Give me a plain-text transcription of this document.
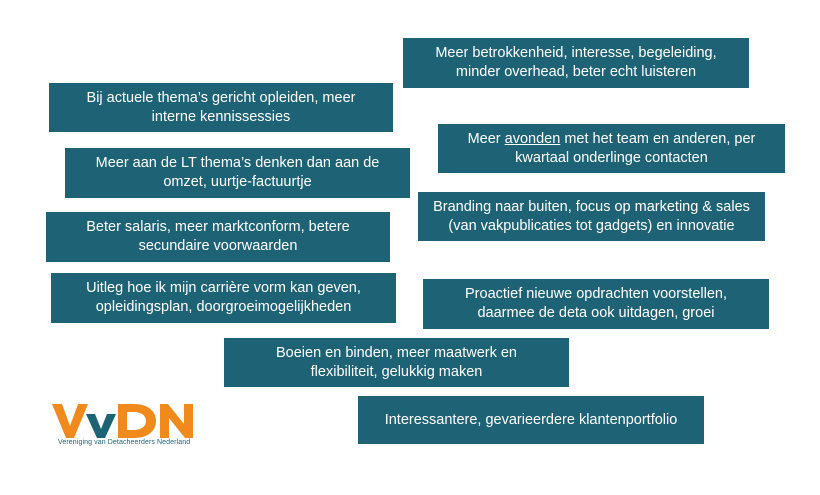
Meer betrokkenheid, interesse, begeleiding,
minder overhead, beter echt luisteren
Bij actuele thema’s gericht opleiden, meer
interne kennissessies
Meer avonden met het team en anderen, per
kwartaal onderlinge contacten
Meer aan de LT thema’s denken dan aan de
omzet, uurtje-factuurtje
Branding naar buiten, focus op marketing & sales
(van vakpublicaties tot gadgets) en innovatie
Beter salaris, meer marktconform, betere
secundaire voorwaarden
Uitleg hoe ik mijn carrière vorm kan geven,
opleidingsplan, doorgroeimogelijkheden
Proactief nieuwe opdrachten voorstellen,
daarmee de deta ook uitdagen, groei
Boeien en binden, meer maatwerk en
flexibiliteit, gelukkig maken
Interessantere, gevarieerdere klantenportfolio
Vereniging van Detacheerders Nederland
